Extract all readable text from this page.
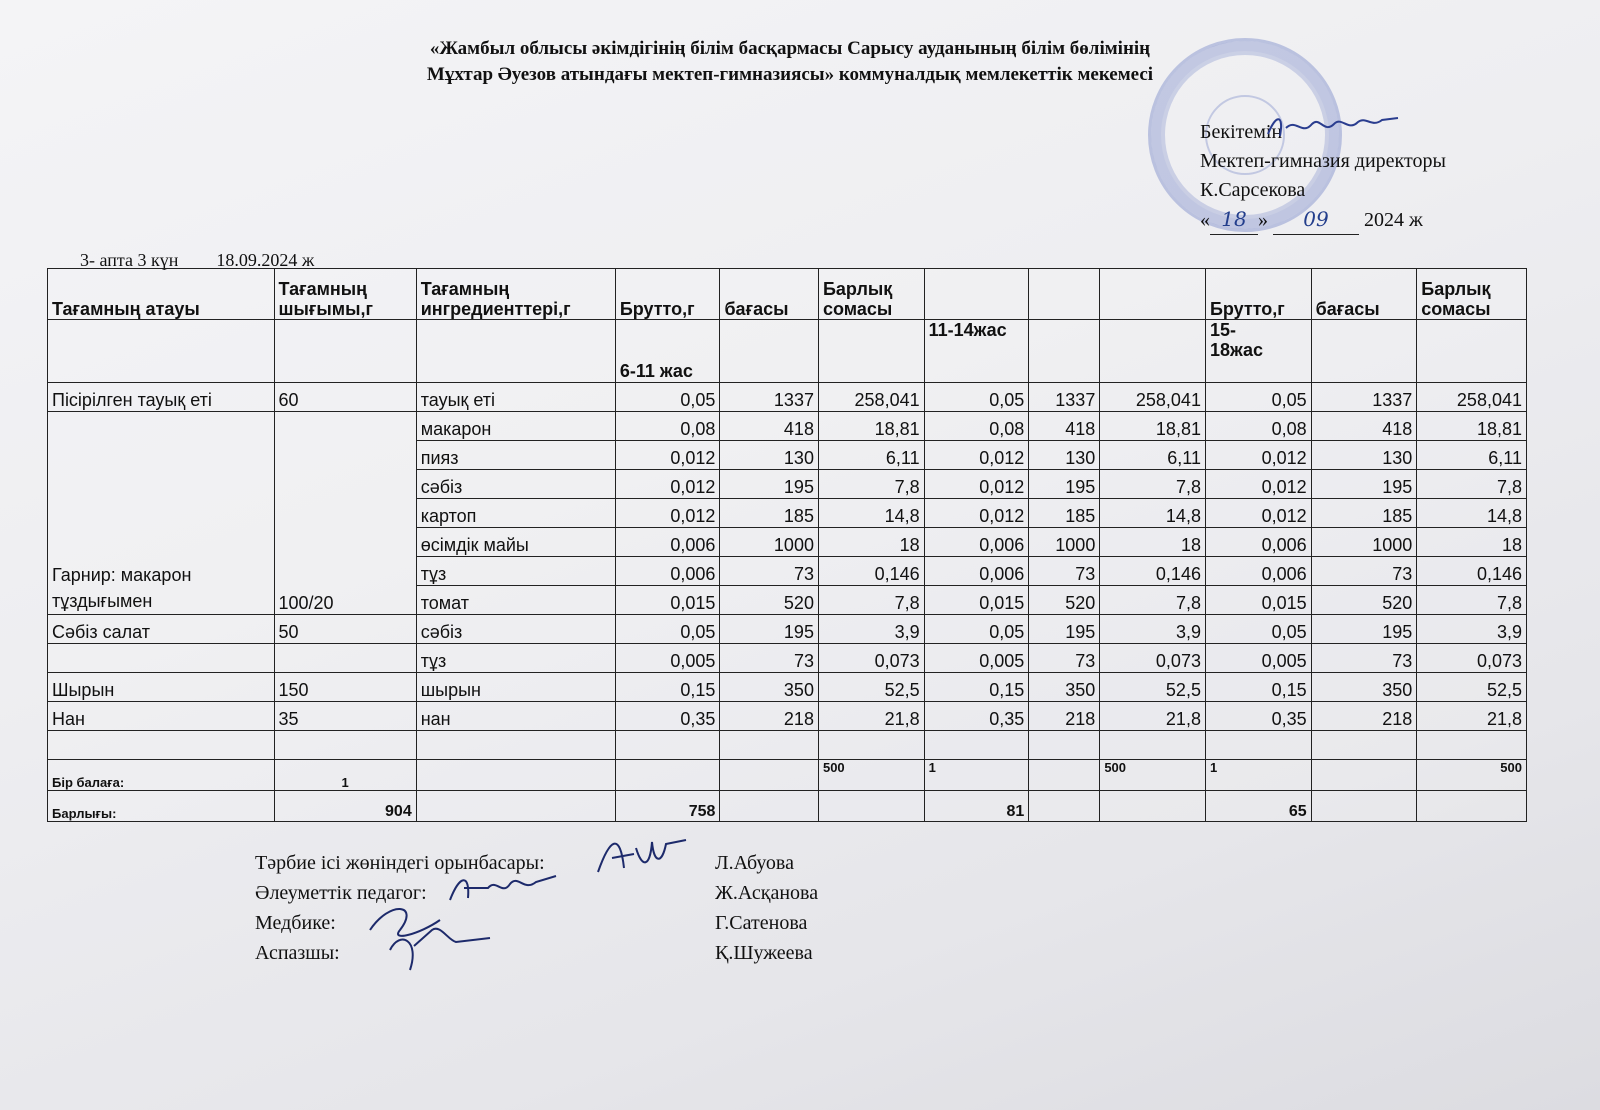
«Жамбыл облысы әкімдігінің білім басқармасы Сарысу ауданының білім бөлімінің
Мұхтар Әуезов атындағы мектеп-гимназиясы» коммуналдық мемлекеттік мекемесі
Бекітемін
Мектеп-гимназия директоры
К.Сарсекова
« 18 » 09 2024 ж
3- апта 3 күн 18.09.2024 ж
Тағамның атауы	Тағамның шығымы,г	Тағамның ингредиенттері,г	Брутто,г	бағасы	Барлық сомасы				Брутто,г	бағасы	Барлық сомасы
			6-11 жас			11-14жас			15-18жас		
Пісірілген тауық еті	60	тауық еті	0,05	1337	258,041	0,05	1337	258,041	0,05	1337	258,041
Гарнир: макарон тұздығымен	100/20	макарон	0,08	418	18,81	0,08	418	18,81	0,08	418	18,81
		пияз	0,012	130	6,11	0,012	130	6,11	0,012	130	6,11
		сәбіз	0,012	195	7,8	0,012	195	7,8	0,012	195	7,8
		картоп	0,012	185	14,8	0,012	185	14,8	0,012	185	14,8
		өсімдік майы	0,006	1000	18	0,006	1000	18	0,006	1000	18
		тұз	0,006	73	0,146	0,006	73	0,146	0,006	73	0,146
		томат	0,015	520	7,8	0,015	520	7,8	0,015	520	7,8
Сәбіз салат	50	сәбіз	0,05	195	3,9	0,05	195	3,9	0,05	195	3,9
		тұз	0,005	73	0,073	0,005	73	0,073	0,005	73	0,073
Шырын	150	шырын	0,15	350	52,5	0,15	350	52,5	0,15	350	52,5
Нан	35	нан	0,35	218	21,8	0,35	218	21,8	0,35	218	21,8

Бір балаға:	1				500	1		500	1		500
Барлығы:	904		758			81			65		
Тәрбие ісі жөніндегі орынбасары:	Л.Абуова
Әлеуметтік педагог:	Ж.Асқанова
Медбике:	Г.Сатенова
Аспазшы:	Қ.Шужеева
